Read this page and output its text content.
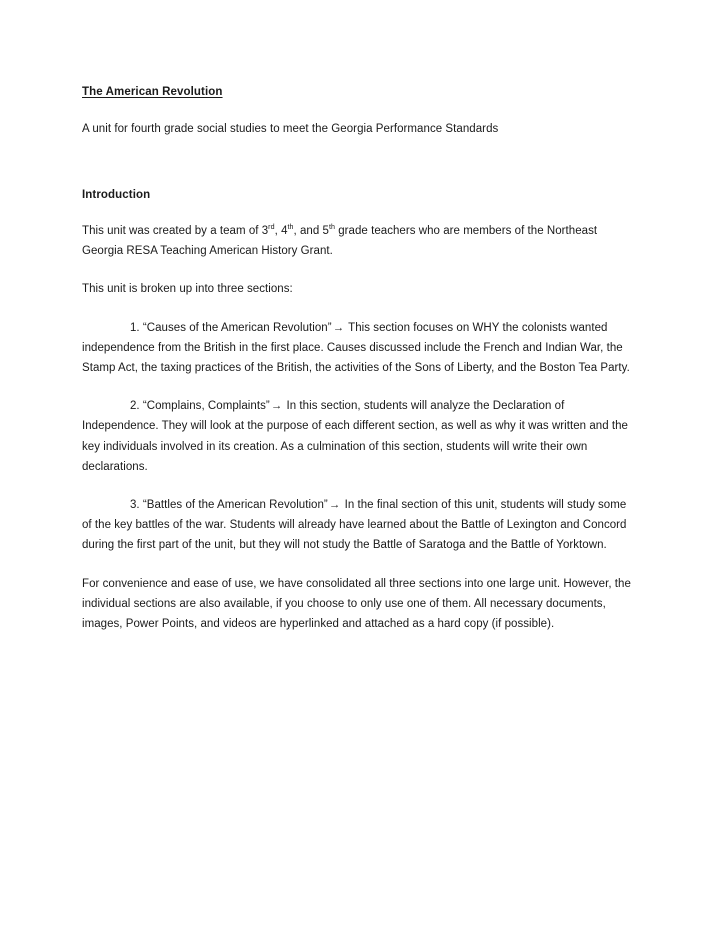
The American Revolution
A unit for fourth grade social studies to meet the Georgia Performance Standards
Introduction

This unit was created by a team of 3rd, 4th, and 5th grade teachers who are members of the Northeast Georgia RESA Teaching American History Grant.

This unit is broken up into three sections:

1. “Causes of the American Revolution”→ This section focuses on WHY the colonists wanted independence from the British in the first place. Causes discussed include the French and Indian War, the Stamp Act, the taxing practices of the British, the activities of the Sons of Liberty, and the Boston Tea Party.

2. “Complains, Complaints”→ In this section, students will analyze the Declaration of Independence. They will look at the purpose of each different section, as well as why it was written and the key individuals involved in its creation. As a culmination of this section, students will write their own declarations.

3. “Battles of the American Revolution”→ In the final section of this unit, students will study some of the key battles of the war. Students will already have learned about the Battle of Lexington and Concord during the first part of the unit, but they will not study the Battle of Saratoga and the Battle of Yorktown.

For convenience and ease of use, we have consolidated all three sections into one large unit. However, the individual sections are also available, if you choose to only use one of them. All necessary documents, images, Power Points, and videos are hyperlinked and attached as a hard copy (if possible).
